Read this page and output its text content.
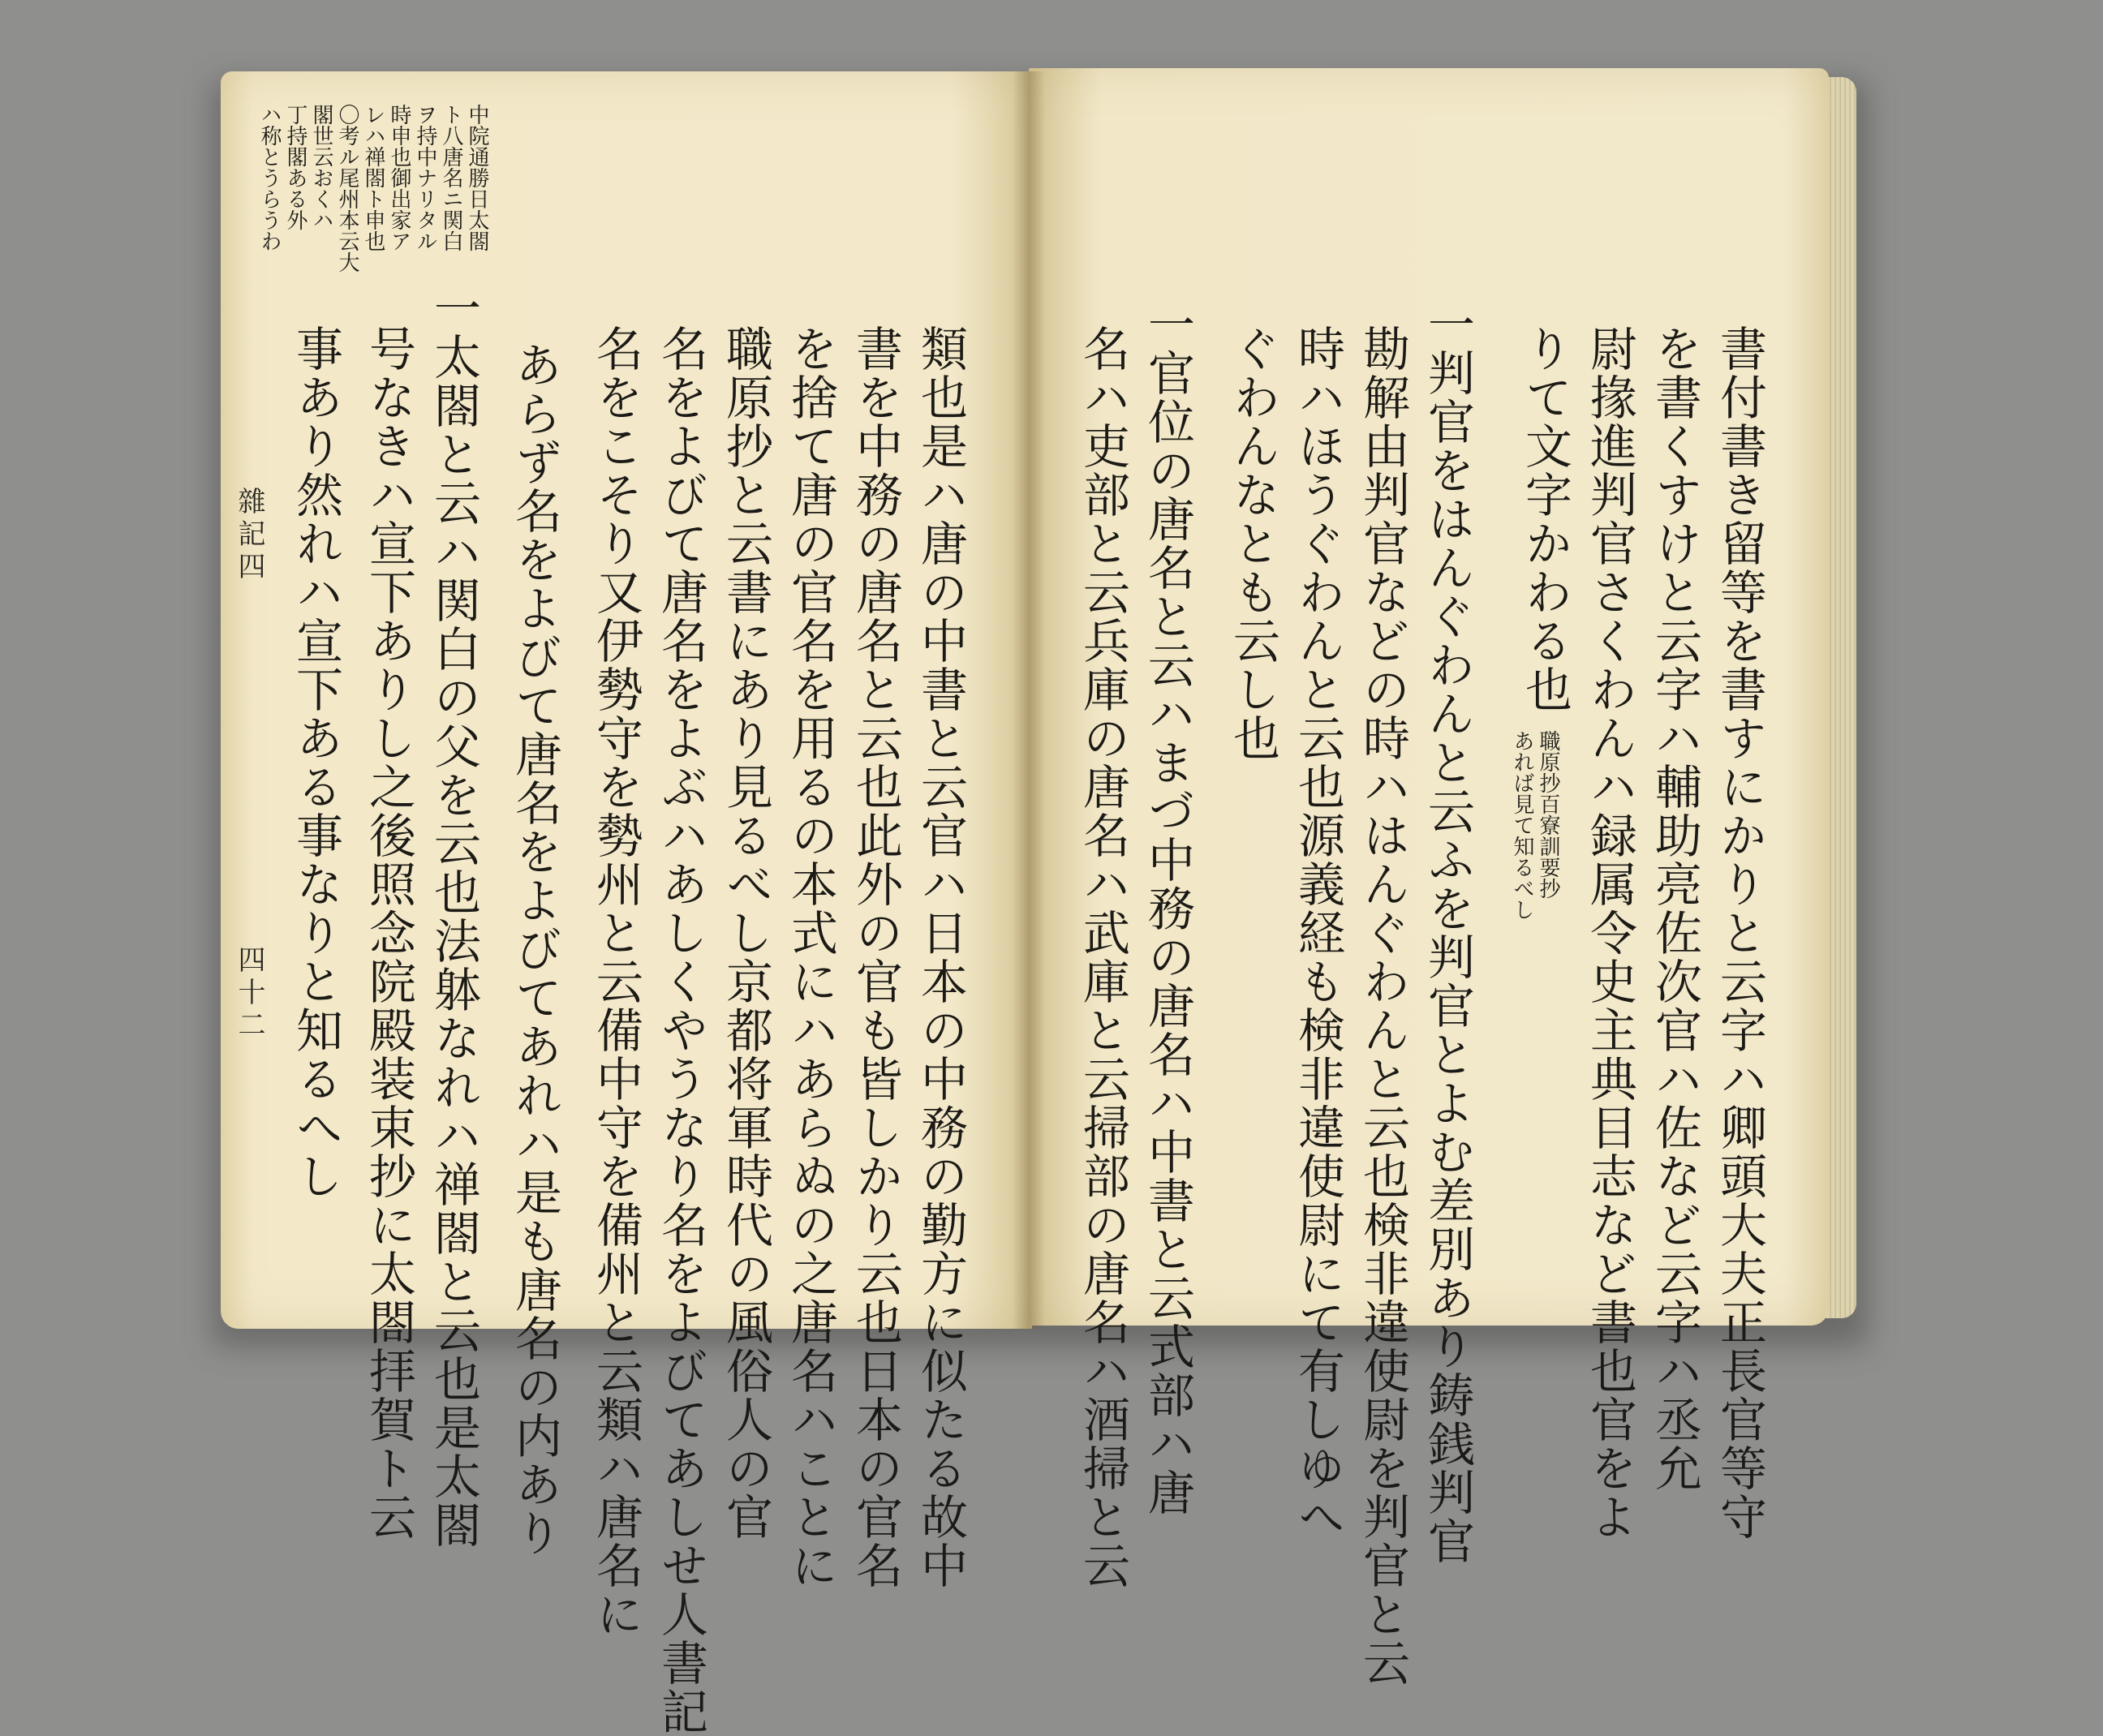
中院通勝日太閤
ト八唐名ニ関白
ヲ持中ナリタル
時申也御出家ア
レハ禅閤ト申也
〇考ル尾州本云大
閣世云おくハ
丁持閣ある外
ハ称とうらうわ
雜記四
四十二	類也是ハ唐の中書と云官ハ日本の中務の勤方に似たる故中
書を中務の唐名と云也此外の官も皆しかり云也日本の官名
を捨て唐の官名を用るの本式にハあらぬの之唐名ハことに
職原抄と云書にあり見るべし京都将軍時代の風俗人の官
名をよびて唐名をよぶハあしくやうなり名をよびてあしせ人書記
名をこそり又伊勢守を勢州と云備中守を備州と云類ハ唐名に
あらず名をよびて唐名をよびてあれハ是も唐名の内あり
一太閤と云ハ関白の父を云也法躰なれハ禅閤と云也是太閤
号なきハ宣下ありし之後照念院殿装束抄に太閤拝賀ト云
事あり然れハ宣下ある事なりと知るへし	書付書き留等を書すにかりと云字ハ卿頭大夫正長官等守
を書くすけと云字ハ輔助亮佐次官ハ佐など云字ハ丞允
尉掾進判官さくわんハ録属令史主典目志など書也官をよ
りて文字かわる也
職原抄百寮訓要抄
あれば見て知るべし
一判官をはんぐわんと云ふを判官とよむ差別あり鋳銭判官
勘解由判官などの時ハはんぐわんと云也検非違使尉を判官と云
時ハほうぐわんと云也源義経も検非違使尉にて有しゆへ
ぐわんなとも云し也
一官位の唐名と云ハまづ中務の唐名ハ中書と云式部ハ唐
名ハ吏部と云兵庫の唐名ハ武庫と云掃部の唐名ハ酒掃と云
